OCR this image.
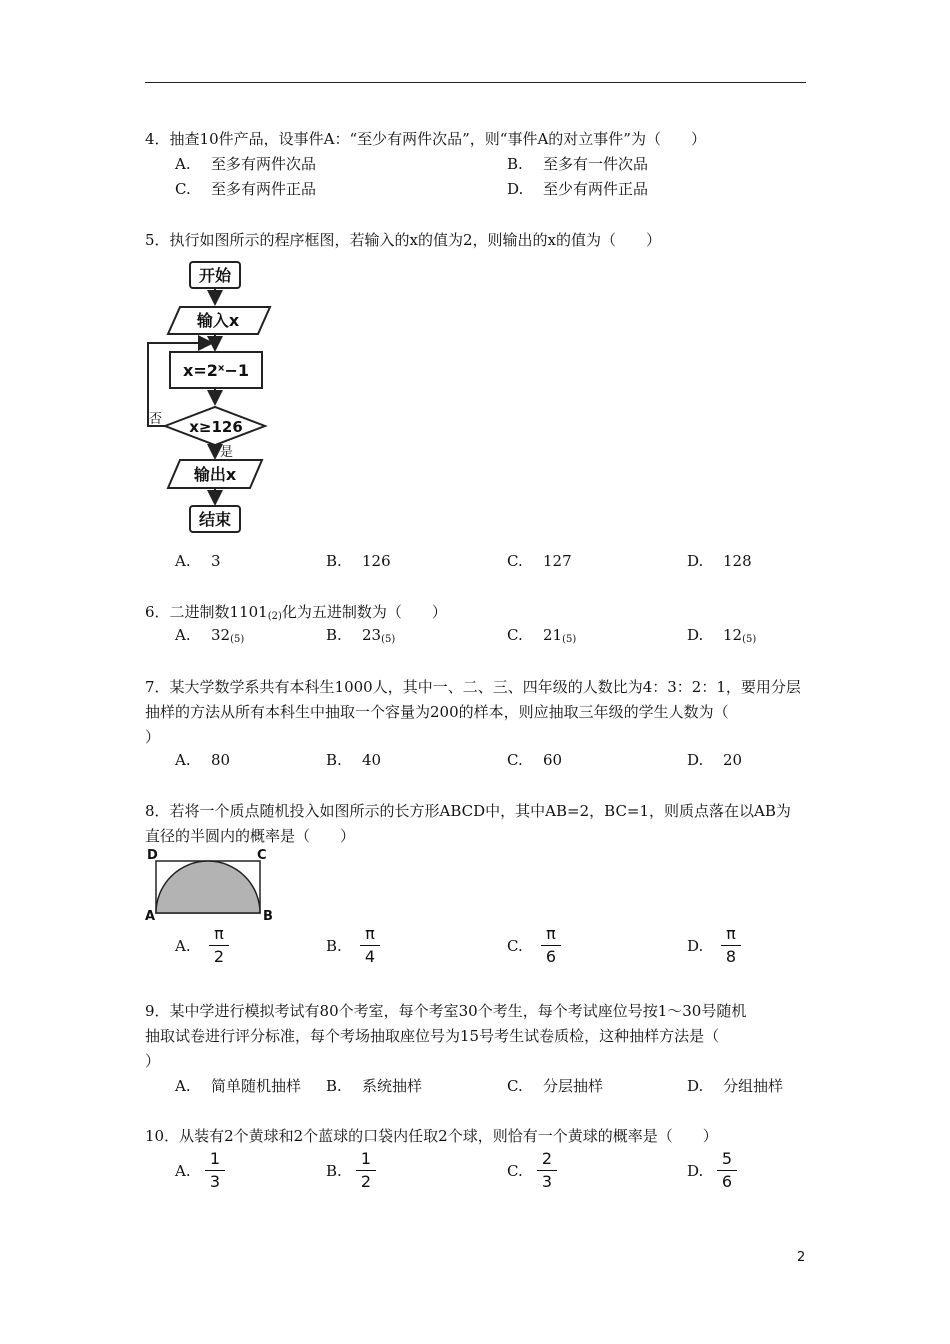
4．抽查10件产品，设事件A：“至少有两件次品”，则“事件A的对立事件”为（　　）
A. 至多有两件次品	B. 至多有一件次品
C. 至多有两件正品	D. 至少有两件正品
5．执行如图所示的程序框图，若输入的x的值为2，则输出的x的值为（　　）
开始
输入x
x=2ˣ−1
x≥126
输出x
结束
否
是
A. 3	B. 126	C. 127	D. 128
6．二进制数$1101_{(2)}$化为五进制数为（　　）
A. $32_{(5)}$	B. $23_{(5)}$	C. $21_{(5)}$	D. $12_{(5)}$
7．某大学数学系共有本科生1000人，其中一、二、三、四年级的人数比为4：3：2：1，要用分层
抽样的方法从所有本科生中抽取一个容量为200的样本，则应抽取三年级的学生人数为（
）
A. 80	B. 40	C. 60	D. 20
8．若将一个质点随机投入如图所示的长方形ABCD中，其中AB=2，BC=1，则质点落在以AB为
直径的半圆内的概率是（　　）
D	C
A	B
A.
π
2
B.
π
4
C.
π
6
D.
π
8
9．某中学进行模拟考试有80个考室，每个考室30个考生，每个考试座位号按1～30号随机
抽取试卷进行评分标准，每个考场抽取座位号为15号考生试卷质检，这种抽样方法是（
）
A. 简单随机抽样 B. 系统抽样	C. 分层抽样	D. 分组抽样
10．从装有2个黄球和2个蓝球的口袋内任取2个球，则恰有一个黄球的概率是（　　）
A.
1
3
B.
1
2
C.
2
3
D.
5
6
2
